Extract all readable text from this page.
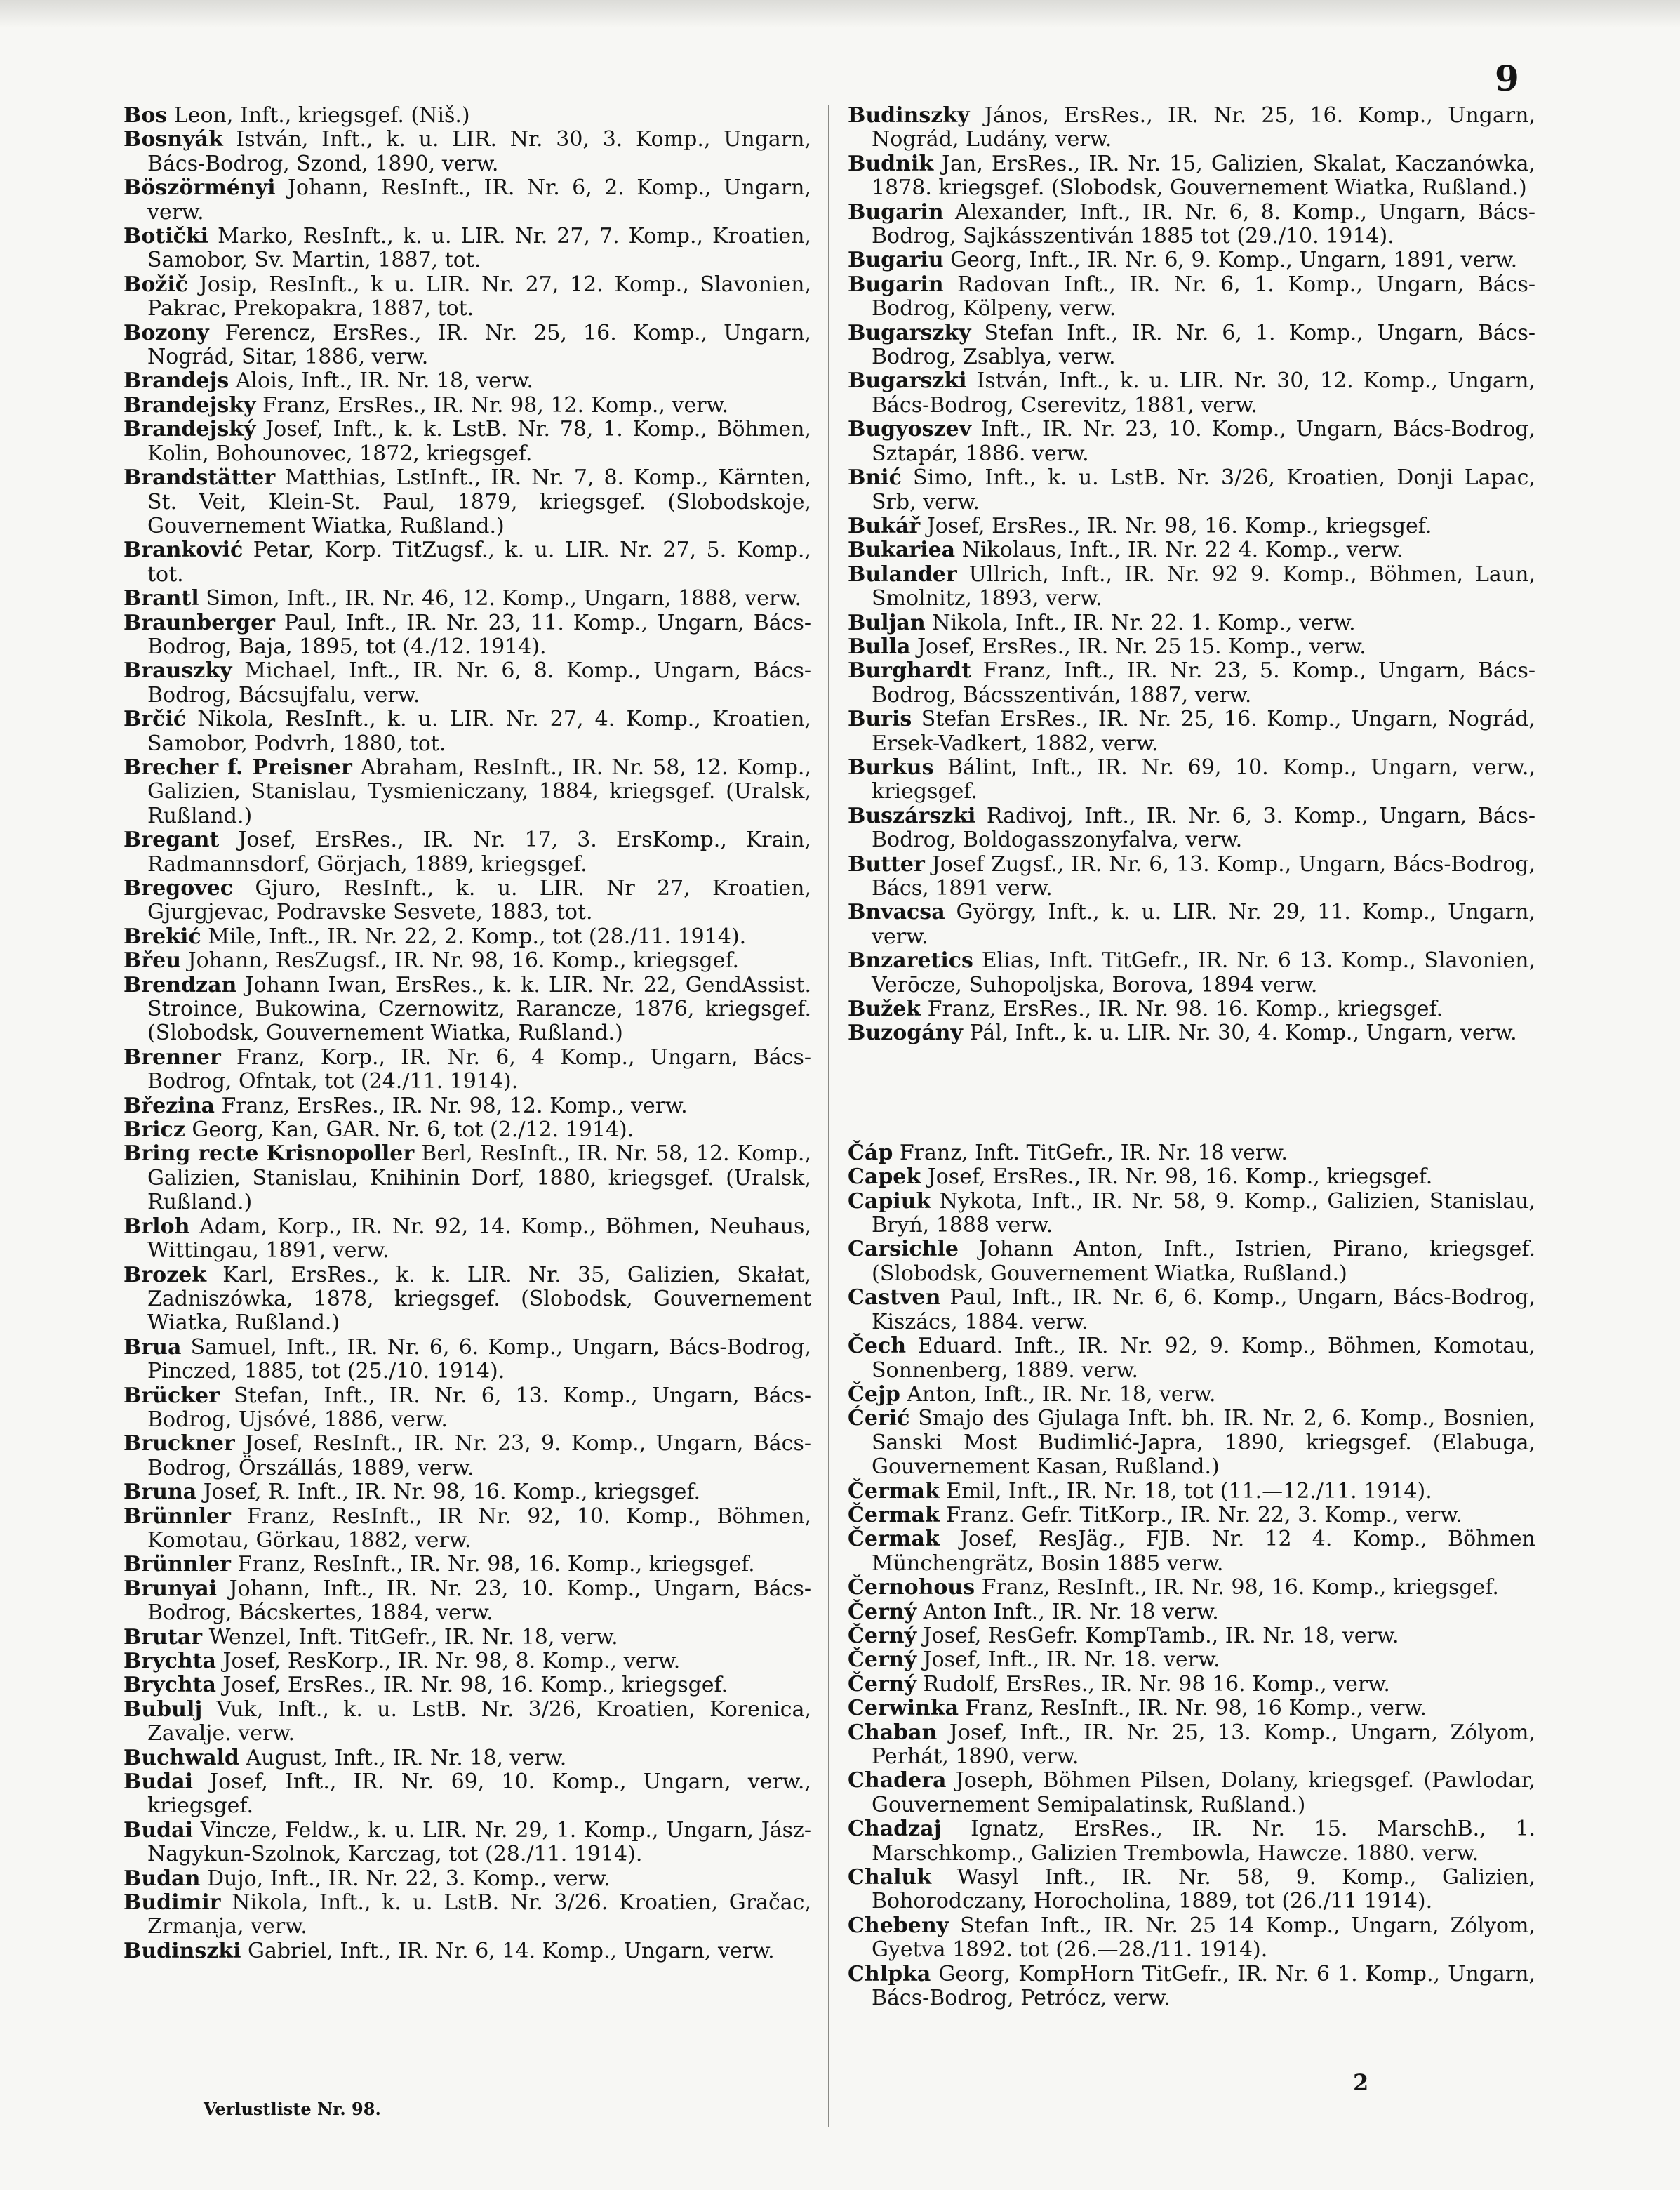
9

Bos Leon, Inft., kriegsgef. (Niš.)

Bosnyák István, Inft., k. u. LIR. Nr. 30, 3. Komp., Ungarn, Bács-Bodrog, Szond, 1890, verw.

Böszörményi Johann, ResInft., IR. Nr. 6, 2. Komp., Ungarn, verw.

Botički Marko, ResInft., k. u. LIR. Nr. 27, 7. Komp., Kroatien, Samobor, Sv. Martin, 1887, tot.

Božič Josip, ResInft., k u. LIR. Nr. 27, 12. Komp., Slavonien, Pakrac, Prekopakra, 1887, tot.

Bozony Ferencz, ErsRes., IR. Nr. 25, 16. Komp., Ungarn, Nográd, Sitar, 1886, verw.

Brandejs Alois, Inft., IR. Nr. 18, verw.

Brandejsky Franz, ErsRes., IR. Nr. 98, 12. Komp., verw.

Brandejský Josef, Inft., k. k. LstB. Nr. 78, 1. Komp., Böhmen, Kolin, Bohounovec, 1872, kriegsgef.

Brandstätter Matthias, LstInft., IR. Nr. 7, 8. Komp., Kärnten, St. Veit, Klein-St. Paul, 1879, kriegsgef. (Slobodskoje, Gouvernement Wiatka, Rußland.)

Branković Petar, Korp. TitZugsf., k. u. LIR. Nr. 27, 5. Komp., tot.

Brantl Simon, Inft., IR. Nr. 46, 12. Komp., Ungarn, 1888, verw.

Braunberger Paul, Inft., IR. Nr. 23, 11. Komp., Ungarn, Bács-Bodrog, Baja, 1895, tot (4./12. 1914).

Brauszky Michael, Inft., IR. Nr. 6, 8. Komp., Ungarn, Bács-Bodrog, Bácsujfalu, verw.

Brčić Nikola, ResInft., k. u. LIR. Nr. 27, 4. Komp., Kroatien, Samobor, Podvrh, 1880, tot.

Brecher f. Preisner Abraham, ResInft., IR. Nr. 58, 12. Komp., Galizien, Stanislau, Tysmieniczany, 1884, kriegsgef. (Uralsk, Rußland.)

Bregant Josef, ErsRes., IR. Nr. 17, 3. ErsKomp., Krain, Radmannsdorf, Görjach, 1889, kriegsgef.

Bregovec Gjuro, ResInft., k. u. LIR. Nr 27, Kroatien, Gjurgjevac, Podravske Sesvete, 1883, tot.

Brekić Mile, Inft., IR. Nr. 22, 2. Komp., tot (28./11. 1914).

Břeu Johann, ResZugsf., IR. Nr. 98, 16. Komp., kriegsgef.

Brendzan Johann Iwan, ErsRes., k. k. LIR. Nr. 22, GendAssist. Stroince, Bukowina, Czernowitz, Rarancze, 1876, kriegsgef. (Slobodsk, Gouvernement Wiatka, Rußland.)

Brenner Franz, Korp., IR. Nr. 6, 4 Komp., Ungarn, Bács-Bodrog, Ofntak, tot (24./11. 1914).

Březina Franz, ErsRes., IR. Nr. 98, 12. Komp., verw.

Bricz Georg, Kan, GAR. Nr. 6, tot (2./12. 1914).

Bring recte Krisnopoller Berl, ResInft., IR. Nr. 58, 12. Komp., Galizien, Stanislau, Knihinin Dorf, 1880, kriegsgef. (Uralsk, Rußland.)

Brloh Adam, Korp., IR. Nr. 92, 14. Komp., Böhmen, Neuhaus, Wittingau, 1891, verw.

Brozek Karl, ErsRes., k. k. LIR. Nr. 35, Galizien, Skałat, Zadniszówka, 1878, kriegsgef. (Slobodsk, Gouvernement Wiatka, Rußland.)

Brua Samuel, Inft., IR. Nr. 6, 6. Komp., Ungarn, Bács-Bodrog, Pinczed, 1885, tot (25./10. 1914).

Brücker Stefan, Inft., IR. Nr. 6, 13. Komp., Ungarn, Bács-Bodrog, Ujsóvé, 1886, verw.

Bruckner Josef, ResInft., IR. Nr. 23, 9. Komp., Ungarn, Bács-Bodrog, Örszállás, 1889, verw.

Bruna Josef, R. Inft., IR. Nr. 98, 16. Komp., kriegsgef.

Brünnler Franz, ResInft., IR Nr. 92, 10. Komp., Böhmen, Komotau, Görkau, 1882, verw.

Brünnler Franz, ResInft., IR. Nr. 98, 16. Komp., kriegsgef.

Brunyai Johann, Inft., IR. Nr. 23, 10. Komp., Ungarn, Bács-Bodrog, Bácskertes, 1884, verw.

Brutar Wenzel, Inft. TitGefr., IR. Nr. 18, verw.

Brychta Josef, ResKorp., IR. Nr. 98, 8. Komp., verw.

Brychta Josef, ErsRes., IR. Nr. 98, 16. Komp., kriegsgef.

Bubulj Vuk, Inft., k. u. LstB. Nr. 3/26, Kroatien, Korenica, Zavalje. verw.

Buchwald August, Inft., IR. Nr. 18, verw.

Budai Josef, Inft., IR. Nr. 69, 10. Komp., Ungarn, verw., kriegsgef.

Budai Vincze, Feldw., k. u. LIR. Nr. 29, 1. Komp., Ungarn, Jász-Nagykun-Szolnok, Karczag, tot (28./11. 1914).

Budan Dujo, Inft., IR. Nr. 22, 3. Komp., verw.

Budimir Nikola, Inft., k. u. LstB. Nr. 3/26. Kroatien, Gračac, Zrmanja, verw.

Budinszki Gabriel, Inft., IR. Nr. 6, 14. Komp., Ungarn, verw.

Budinszky János, ErsRes., IR. Nr. 25, 16. Komp., Ungarn, Nográd, Ludány, verw.

Budnik Jan, ErsRes., IR. Nr. 15, Galizien, Skalat, Kaczanówka, 1878. kriegsgef. (Slobodsk, Gouvernement Wiatka, Rußland.)

Bugarin Alexander, Inft., IR. Nr. 6, 8. Komp., Ungarn, Bács-Bodrog, Sajkásszentiván 1885 tot (29./10. 1914).

Bugariu Georg, Inft., IR. Nr. 6, 9. Komp., Ungarn, 1891, verw.

Bugarin Radovan Inft., IR. Nr. 6, 1. Komp., Ungarn, Bács-Bodrog, Kölpeny, verw.

Bugarszky Stefan Inft., IR. Nr. 6, 1. Komp., Ungarn, Bács-Bodrog, Zsablya, verw.

Bugarszki István, Inft., k. u. LIR. Nr. 30, 12. Komp., Ungarn, Bács-Bodrog, Cserevitz, 1881, verw.

Bugyoszev Inft., IR. Nr. 23, 10. Komp., Ungarn, Bács-Bodrog, Sztapár, 1886. verw.

Bnić Simo, Inft., k. u. LstB. Nr. 3/26, Kroatien, Donji Lapac, Srb, verw.

Bukář Josef, ErsRes., IR. Nr. 98, 16. Komp., kriegsgef.

Bukariea Nikolaus, Inft., IR. Nr. 22 4. Komp., verw.

Bulander Ullrich, Inft., IR. Nr. 92 9. Komp., Böhmen, Laun, Smolnitz, 1893, verw.

Buljan Nikola, Inft., IR. Nr. 22. 1. Komp., verw.

Bulla Josef, ErsRes., IR. Nr. 25 15. Komp., verw.

Burghardt Franz, Inft., IR. Nr. 23, 5. Komp., Ungarn, Bács-Bodrog, Bácsszentiván, 1887, verw.

Buris Stefan ErsRes., IR. Nr. 25, 16. Komp., Ungarn, Nográd, Ersek-Vadkert, 1882, verw.

Burkus Bálint, Inft., IR. Nr. 69, 10. Komp., Ungarn, verw., kriegsgef.

Buszárszki Radivoj, Inft., IR. Nr. 6, 3. Komp., Ungarn, Bács-Bodrog, Boldogasszonyfalva, verw.

Butter Josef Zugsf., IR. Nr. 6, 13. Komp., Ungarn, Bács-Bodrog, Bács, 1891 verw.

Bnvacsa György, Inft., k. u. LIR. Nr. 29, 11. Komp., Ungarn, verw.

Bnzaretics Elias, Inft. TitGefr., IR. Nr. 6 13. Komp., Slavonien, Verōcze, Suhopoljska, Borova, 1894 verw.

Bužek Franz, ErsRes., IR. Nr. 98. 16. Komp., kriegsgef.

Buzogány Pál, Inft., k. u. LIR. Nr. 30, 4. Komp., Ungarn, verw.

Čáp Franz, Inft. TitGefr., IR. Nr. 18 verw.

Capek Josef, ErsRes., IR. Nr. 98, 16. Komp., kriegsgef.

Capiuk Nykota, Inft., IR. Nr. 58, 9. Komp., Galizien, Stanislau, Bryń, 1888 verw.

Carsichle Johann Anton, Inft., Istrien, Pirano, kriegsgef. (Slobodsk, Gouvernement Wiatka, Rußland.)

Castven Paul, Inft., IR. Nr. 6, 6. Komp., Ungarn, Bács-Bodrog, Kiszács, 1884. verw.

Čech Eduard. Inft., IR. Nr. 92, 9. Komp., Böhmen, Komotau, Sonnenberg, 1889. verw.

Čejp Anton, Inft., IR. Nr. 18, verw.

Ćerić Smajo des Gjulaga Inft. bh. IR. Nr. 2, 6. Komp., Bosnien, Sanski Most Budimlić-Japra, 1890, kriegsgef. (Elabuga, Gouvernement Kasan, Rußland.)

Čermak Emil, Inft., IR. Nr. 18, tot (11.—12./11. 1914).

Čermak Franz. Gefr. TitKorp., IR. Nr. 22, 3. Komp., verw.

Čermak Josef, ResJäg., FJB. Nr. 12 4. Komp., Böhmen Münchengrätz, Bosin 1885 verw.

Černohous Franz, ResInft., IR. Nr. 98, 16. Komp., kriegsgef.

Černý Anton Inft., IR. Nr. 18 verw.

Černý Josef, ResGefr. KompTamb., IR. Nr. 18, verw.

Černý Josef, Inft., IR. Nr. 18. verw.

Černý Rudolf, ErsRes., IR. Nr. 98 16. Komp., verw.

Cerwinka Franz, ResInft., IR. Nr. 98, 16 Komp., verw.

Chaban Josef, Inft., IR. Nr. 25, 13. Komp., Ungarn, Zólyom, Perhát, 1890, verw.

Chadera Joseph, Böhmen Pilsen, Dolany, kriegsgef. (Pawlodar, Gouvernement Semipalatinsk, Rußland.)

Chadzaj Ignatz, ErsRes., IR. Nr. 15. MarschB., 1. Marschkomp., Galizien Trembowla, Hawcze. 1880. verw.

Chaluk Wasyl Inft., IR. Nr. 58, 9. Komp., Galizien, Bohorodczany, Horocholina, 1889, tot (26./11 1914).

Chebeny Stefan Inft., IR. Nr. 25 14 Komp., Ungarn, Zólyom, Gyetva 1892. tot (26.—28./11. 1914).

Chlpka Georg, KompHorn TitGefr., IR. Nr. 6 1. Komp., Ungarn, Bács-Bodrog, Petrócz, verw.

2
Verlustliste Nr. 98.
